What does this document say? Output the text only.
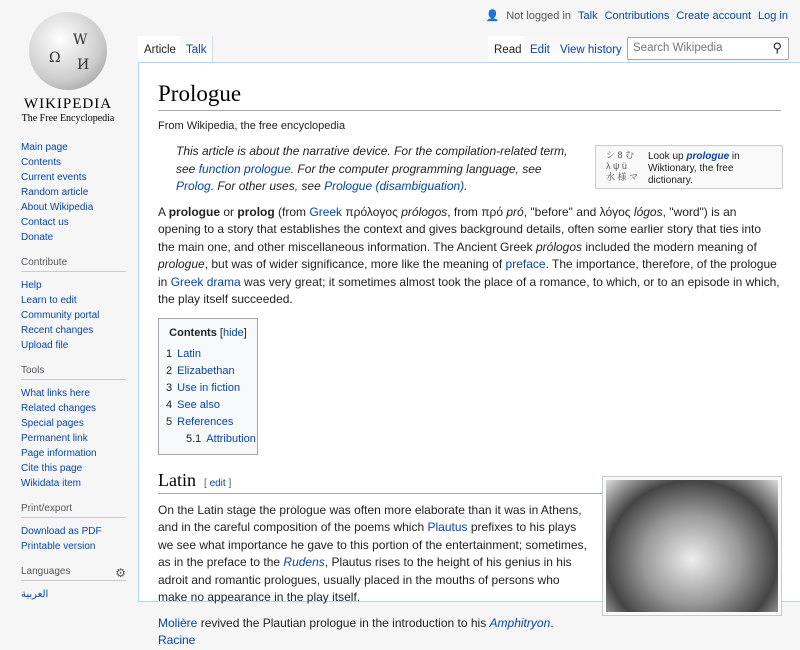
Ω
W
И
WIKIPEDIA
The Free Encyclopedia
👤 Not logged in Talk Contributions Create account Log in
Article Talk	Read Edit View history Search Wikipedia	⚲
Main page
Contents
Current events
Random article
About Wikipedia
Contact us
Donate
Contribute
Help
Learn to edit
Community portal
Recent changes
Upload file
Tools
What links here
Related changes
Special pages
Permanent link
Page information
Cite this page
Wikidata item
Print/export
Download as PDF
Printable version
Languages	⚙
العربية
Prologue
From Wikipedia, the free encyclopedia
This article is about the narrative device. For the compilation-related term, see function prologue. For the computer programming language, see Prolog. For other uses, see Prologue (disambiguation).
シ 8 む
λ ψ ü
水 様 マ
Look up prologue in Wiktionary, the free dictionary.

A prologue or prolog (from Greek πρόλογος prólogos, from πρό pró, "before" and λόγος lógos, "word") is an opening to a story that establishes the context and gives background details, often some earlier story that ties into the main one, and other miscellaneous information. The Ancient Greek prólogos included the modern meaning of prologue, but was of wider significance, more like the meaning of preface. The importance, therefore, of the prologue in Greek drama was very great; it sometimes almost took the place of a romance, to which, or to an episode in which, the play itself succeeded.

Contents [hide]
1 Latin
2 Elizabethan
3 Use in fiction
4 See also
5 References
5.1 Attribution
Latin [ edit ]

On the Latin stage the prologue was often more elaborate than it was in Athens, and in the careful composition of the poems which Plautus prefixes to his plays we see what importance he gave to this portion of the entertainment; sometimes, as in the preface to the Rudens, Plautus rises to the height of his genius in his adroit and romantic prologues, usually placed in the mouths of persons who make no appearance in the play itself.

Molière revived the Plautian prologue in the introduction to his Amphitryon. Racine
